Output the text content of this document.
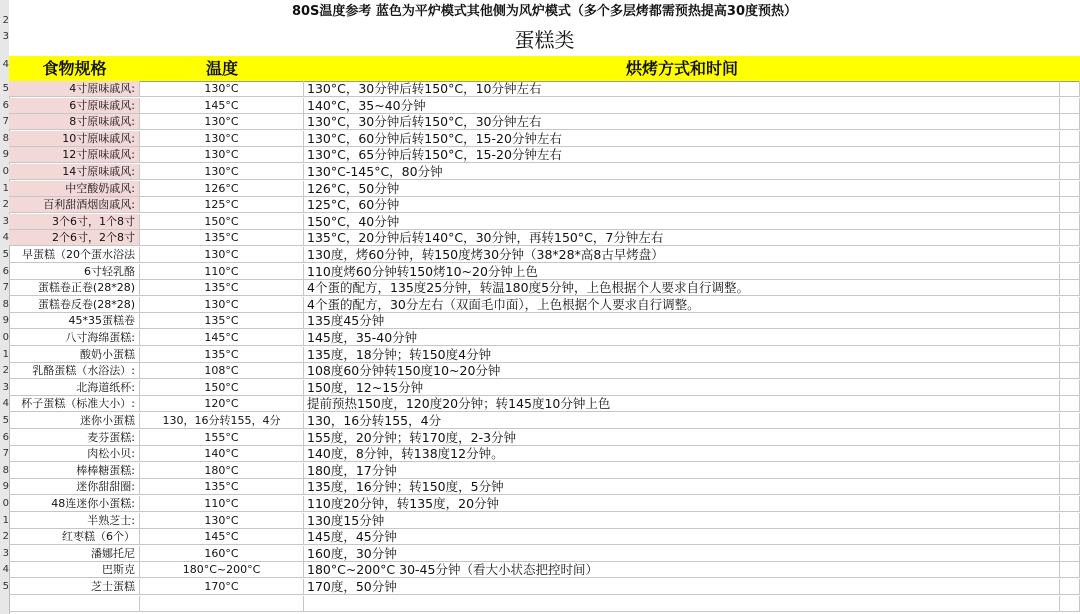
2
3
4
5
6
7
8
9
0
1
2
3
4
5
6
7
8
9
0
1
2
3
4
5
6
7
8
9
0
1
2
3
4
5
80S温度参考 蓝色为平炉模式其他侧为风炉模式（多个多层烤都需预热提高30度预热）
蛋糕类
食物规格	温度	烘烤方式和时间
4寸原味戚风:	130°C	130°C，30分钟后转150°C，10分钟左右
6寸原味戚风:	145°C	140°C，35~40分钟
8寸原味戚风:	130°C	130°C，30分钟后转150°C，30分钟左右
10寸原味戚风:	130°C	130°C，60分钟后转150°C，15-20分钟左右
12寸原味戚风:	130°C	130°C，65分钟后转150°C，15-20分钟左右
14寸原味戚风:	130°C	130°C-145°C，80分钟
中空酸奶戚风:	126°C	126°C，50分钟
百利甜酒烟囱戚风:	125°C	125°C，60分钟
3个6寸，1个8寸	150°C	150°C，40分钟
2个6寸，2个8寸	135°C	135°C，20分钟后转140°C，30分钟，再转150°C，7分钟左右
早蛋糕（20个蛋水浴法	130°C	130度，烤60分钟，转150度烤30分钟（38*28*高8古早烤盘）
6寸轻乳酪	110°C	110度烤60分钟转150烤10~20分钟上色
蛋糕卷正卷(28*28)	135°C	4个蛋的配方，135度25分钟，转温180度5分钟，上色根据个人要求自行调整。
蛋糕卷反卷(28*28)	130°C	4个蛋的配方，30分左右（双面毛巾面），上色根据个人要求自行调整。
45*35蛋糕卷	135°C	135度45分钟
八寸海绵蛋糕:	145°C	145度，35-40分钟
酸奶小蛋糕	135°C	135度，18分钟；转150度4分钟
乳酪蛋糕（水浴法）:	108°C	108度60分钟转150度10~20分钟
北海道纸杯:	150°C	150度，12~15分钟
杯子蛋糕（标准大小）:	120°C	提前预热150度，120度20分钟；转145度10分钟上色
迷你小蛋糕	130，16分转155，4分	130，16分转155，4分
麦芬蛋糕:	155°C	155度，20分钟；转170度，2-3分钟
肉松小贝:	140°C	140度，8分钟，转138度12分钟。
棒棒糖蛋糕:	180°C	180度，17分钟
迷你甜甜圈:	135°C	135度，16分钟；转150度，5分钟
48连迷你小蛋糕:	110°C	110度20分钟，转135度，20分钟
半熟芝士:	130°C	130度15分钟
红枣糕（6个）	145°C	145度，45分钟
潘娜托尼	160°C	160度，30分钟
巴斯克	180°C~200°C	180°C~200°C 30-45分钟（看大小状态把控时间）
芝士蛋糕	170°C	170度，50分钟
